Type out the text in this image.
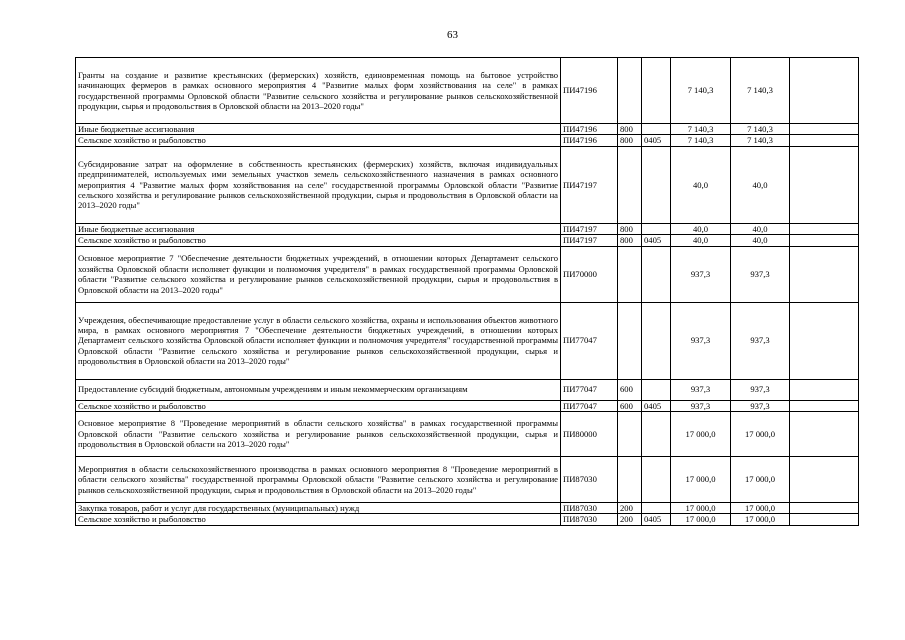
63
Гранты на создание и развитие крестьянских (фермерских) хозяйств, единовременная помощь на бытовое устройство начинающих фермеров в рамках основного мероприятия 4 "Развитие малых форм хозяйствования на селе" в рамках государственной программы Орловской области "Развитие сельского хозяйства и регулирование рынков сельскохозяйственной продукции, сырья и продовольствия в Орловской области на 2013–2020 годы"	ПИ47196			7 140,3	7 140,3	
Иные бюджетные ассигнования	ПИ47196	800		7 140,3	7 140,3	
Сельское хозяйство и рыболовство	ПИ47196	800	0405	7 140,3	7 140,3	
Субсидирование затрат на оформление в собственность крестьянских (фермерских) хозяйств, включая индивидуальных предпринимателей, используемых ими земельных участков земель сельскохозяйственного назначения в рамках основного мероприятия 4 "Развитие малых форм хозяйствования на селе" государственной программы Орловской области "Развитие сельского хозяйства и регулирование рынков сельскохозяйственной продукции, сырья и продовольствия в Орловской области на 2013–2020 годы"	ПИ47197			40,0	40,0	
Иные бюджетные ассигнования	ПИ47197	800		40,0	40,0	
Сельское хозяйство и рыболовство	ПИ47197	800	0405	40,0	40,0	
Основное мероприятие 7 "Обеспечение деятельности бюджетных учреждений, в отношении которых Департамент сельского хозяйства Орловской области исполняет функции и полномочия учредителя" в рамках государственной программы Орловской области "Развитие сельского хозяйства и регулирование рынков сельскохозяйственной продукции, сырья и продовольствия в Орловской области на 2013–2020 годы"	ПИ70000			937,3	937,3	
Учреждения, обеспечивающие предоставление услуг в области сельского хозяйства, охраны и использования объектов животного мира, в рамках основного мероприятия 7 "Обеспечение деятельности бюджетных учреждений, в отношении которых Департамент сельского хозяйства Орловской области исполняет функции и полномочия учредителя" государственной программы Орловской области "Развитие сельского хозяйства и регулирование рынков сельскохозяйственной продукции, сырья и продовольствия в Орловской области на 2013–2020 годы"	ПИ77047			937,3	937,3	
Предоставление субсидий бюджетным, автономным учреждениям и иным некоммерческим организациям	ПИ77047	600		937,3	937,3	
Сельское хозяйство и рыболовство	ПИ77047	600	0405	937,3	937,3	
Основное мероприятие 8 "Проведение мероприятий в области сельского хозяйства" в рамках государственной программы Орловской области "Развитие сельского хозяйства и регулирование рынков сельскохозяйственной продукции, сырья и продовольствия в Орловской области на 2013–2020 годы"	ПИ80000			17 000,0	17 000,0	
Мероприятия в области сельскохозяйственного производства в рамках основного мероприятия 8 "Проведение мероприятий в области сельского хозяйства" государственной программы Орловской области "Развитие сельского хозяйства и регулирование рынков сельскохозяйственной продукции, сырья и продовольствия в Орловской области на 2013–2020 годы"	ПИ87030			17 000,0	17 000,0	
Закупка товаров, работ и услуг для государственных (муниципальных) нужд	ПИ87030	200		17 000,0	17 000,0	
Сельское хозяйство и рыболовство	ПИ87030	200	0405	17 000,0	17 000,0	
